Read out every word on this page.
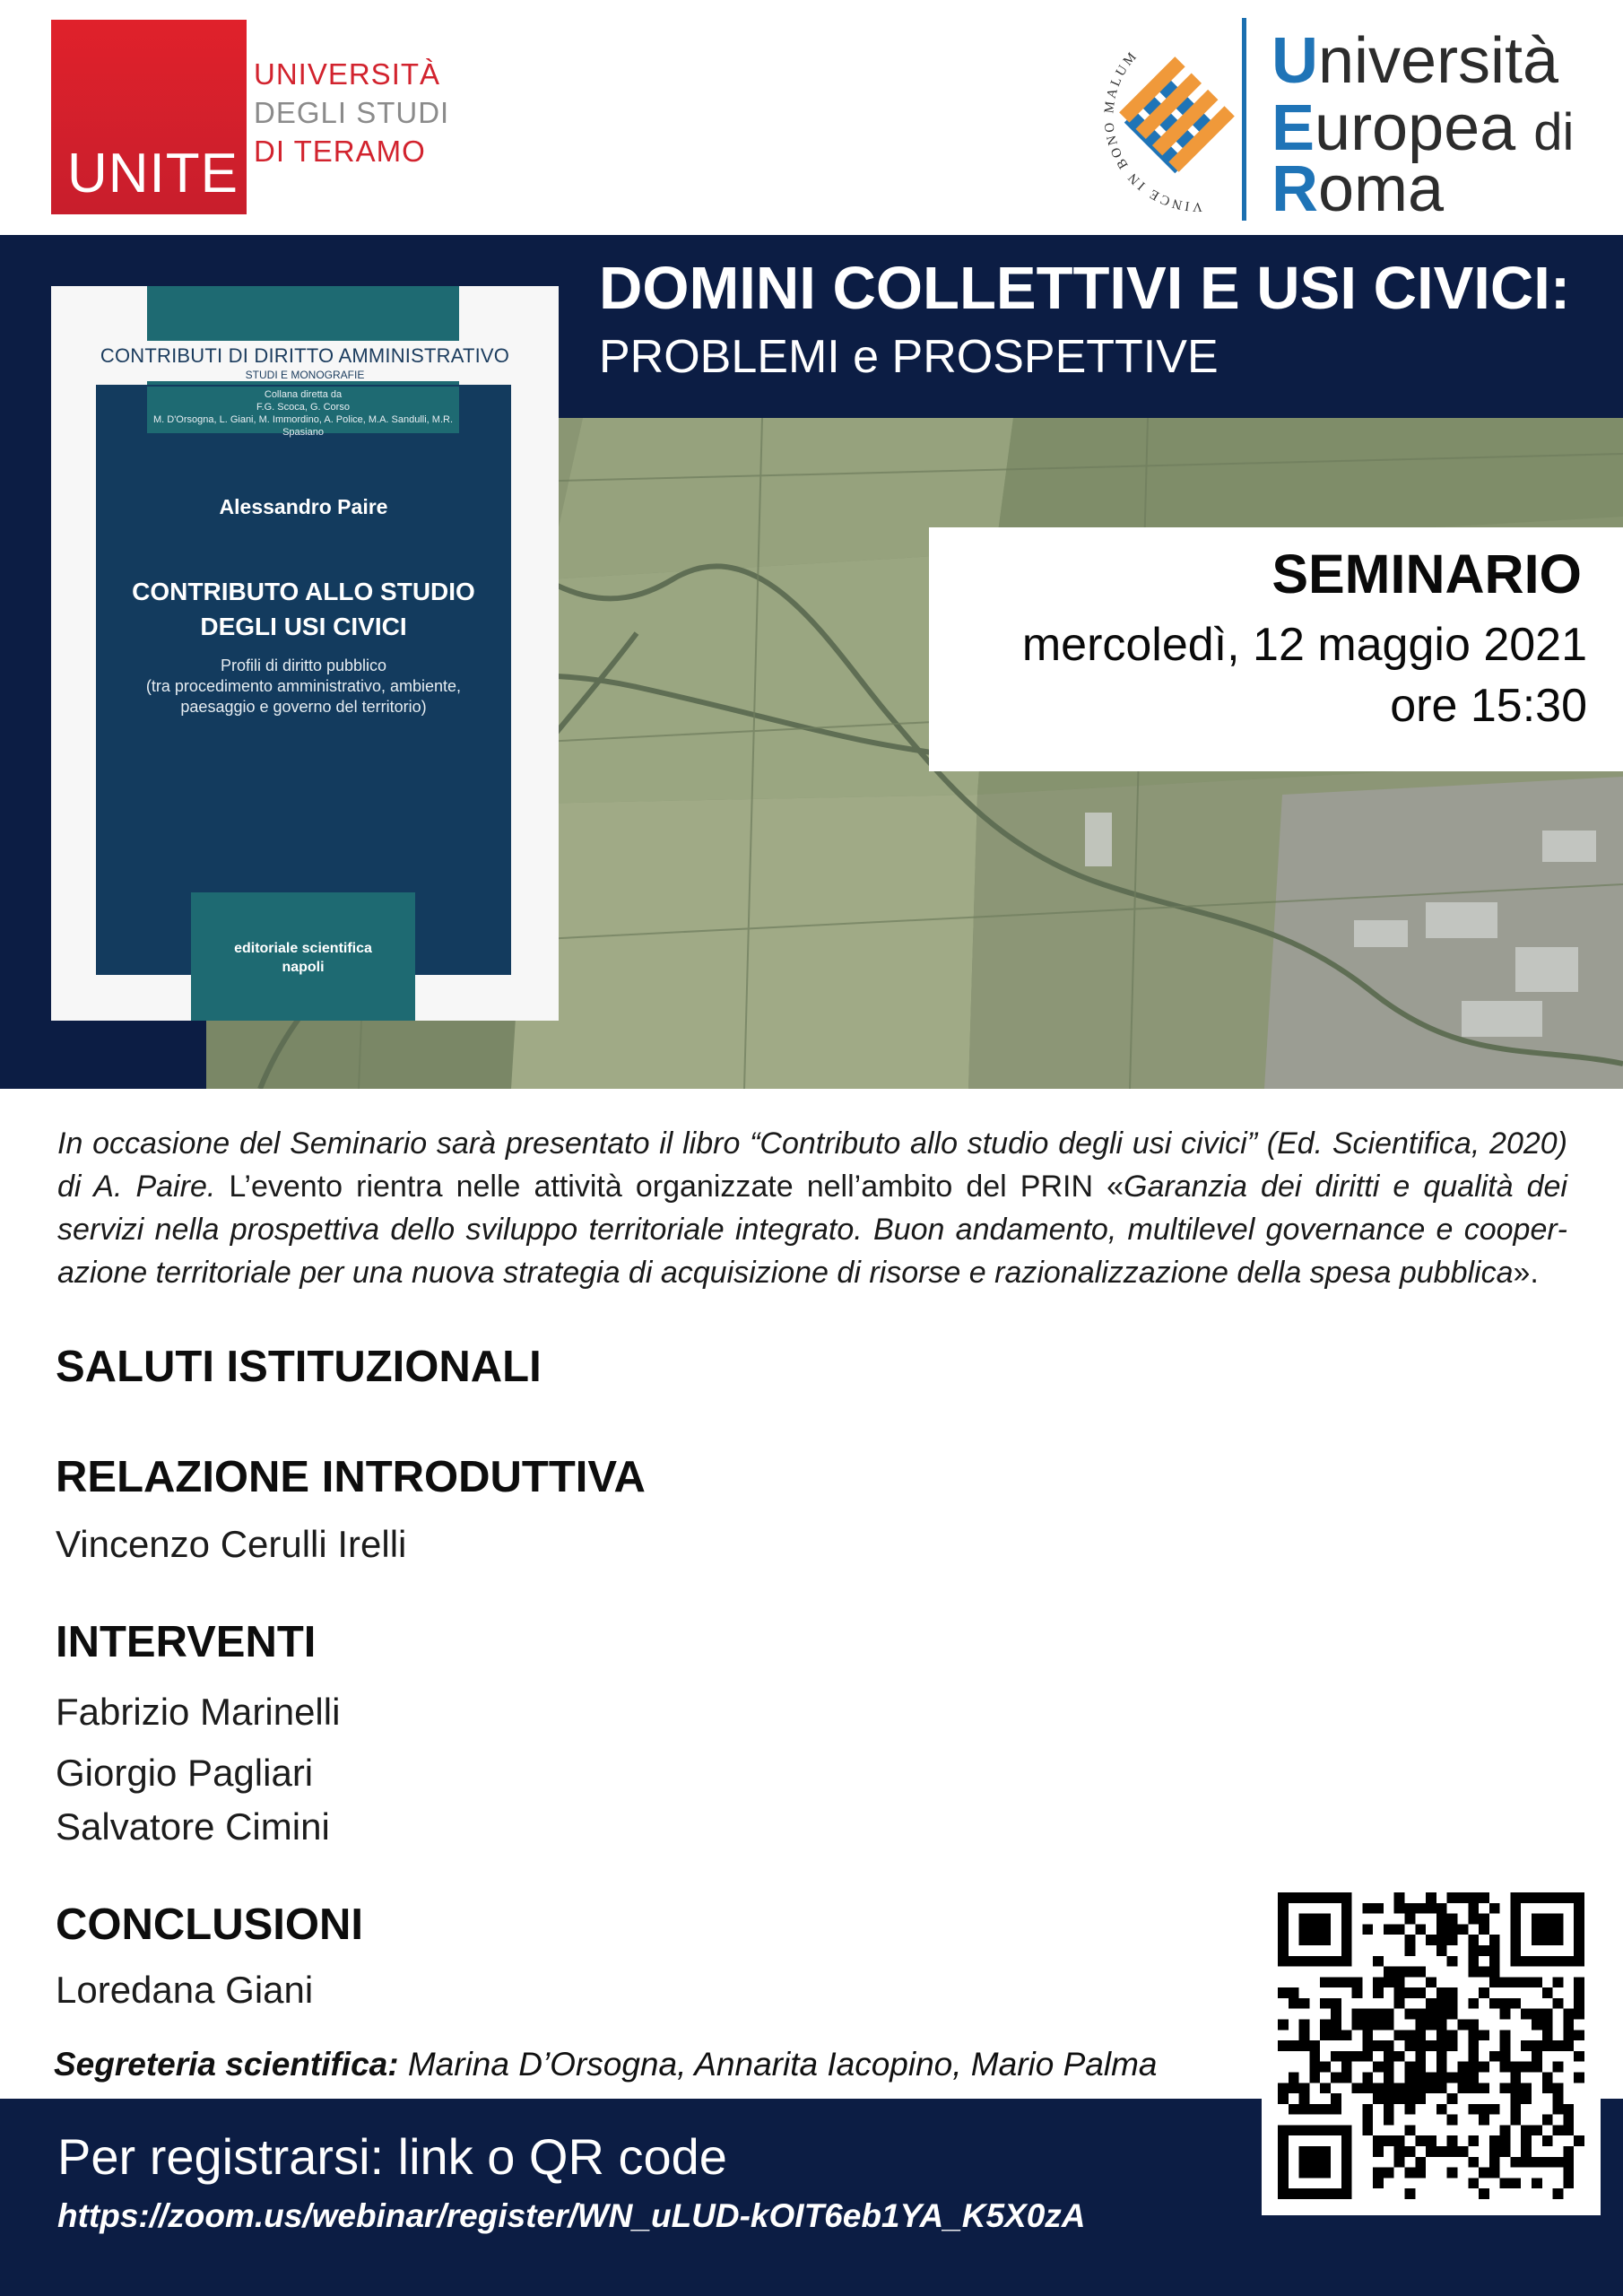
UNITE
UNIVERSITÀ
DEGLI STUDI
DI TERAMO
VINCE IN BONO MALUM	Università
Europea di
Roma
DOMINI COLLETTIVI E USI CIVICI:
PROBLEMI e PROSPETTIVE
CONTRIBUTI DI DIRITTO AMMINISTRATIVO
STUDI E MONOGRAFIE
Collana diretta da
F.G. Scoca, G. Corso
M. D'Orsogna, L. Giani, M. Immordino, A. Police, M.A. Sandulli, M.R. Spasiano
Alessandro Paire
CONTRIBUTO ALLO STUDIO
DEGLI USI CIVICI
Profili di diritto pubblico
(tra procedimento amministrativo, ambiente,
paesaggio e governo del territorio)
editoriale scientifica
napoli
SEMINARIO
mercoledì, 12 maggio 2021
ore 15:30
In occasione del Seminario sarà presentato il libro “Contributo allo studio degli usi civici” (Ed. Scientifica, 2020) di A. Paire. L’evento rientra nelle attività organizzate nell’ambito del PRIN «Garanzia dei diritti e qualità dei servizi nella prospettiva dello sviluppo territoriale integrato. Buon andamento, multilevel governance e cooperazione territoriale per una nuova strategia di acquisizione di risorse e razionalizzazione della spesa pubblica».
SALUTI ISTITUZIONALI
RELAZIONE INTRODUTTIVA
Vincenzo Cerulli Irelli
INTERVENTI
Fabrizio Marinelli
Giorgio Pagliari
Salvatore Cimini
CONCLUSIONI
Loredana Giani
Segreteria scientifica: Marina D’Orsogna, Annarita Iacopino, Mario Palma
Per registrarsi: link o QR code
https://zoom.us/webinar/register/WN_uLUD-kOIT6eb1YA_K5X0zA
